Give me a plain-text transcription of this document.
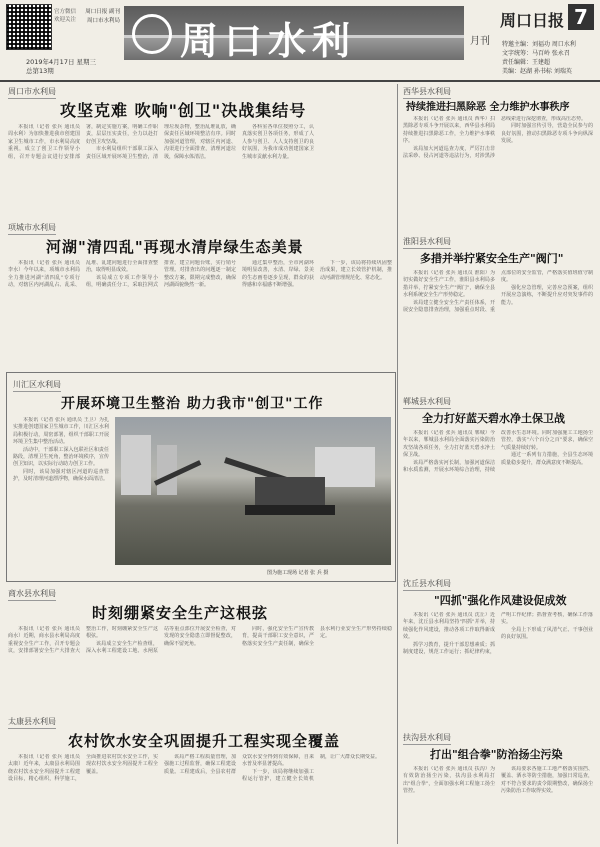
官方微信
欢迎关注
周口日报 副刊
周口市水利局
2019年4月17日 星期三
总第13期
周口水利	月刊
周口日报 7
特邀主编：刘福功 周口水利
文字统筹：马百岭 张永召
责任编辑：王建超
美编：赵湖 孙书标 刘瑞英
周口市水利局
攻坚克难 吹响"创卫"决战集结号

本报讯（记者 张兵 通讯员 周水利）为加快推进我市创建国家卫生城市工作，市水利局高度重视，成立了创卫工作领导小组，召开专题会议进行安排部署，制定实施方案，明确工作职责，层层压实责任，全力以赴打好创卫攻坚战。

市水利局组织干部职工深入责任区域开展环境卫生整治，清理垃圾杂物，整治乱堆乱放，确保责任区域环境整洁有序。同时加强河道管理，对辖区内河道、沟渠进行全面排查，清理河道垃圾，保障水体清洁。

各科室各单位按照分工，认真落实创卫各项任务，形成了人人参与创卫、人人支持创卫的良好氛围，为我市成功创建国家卫生城市贡献水利力量。

项城市水利局
河湖"清四乱"再现水清岸绿生态美景

本报讯（记者 张兵 通讯员 李水）今年以来，项城市水利局全力推进河湖"清四乱"专项行动，对辖区内河湖乱占、乱采、乱堆、乱建问题进行全面排查整治，取得明显成效。

该局成立专项工作领导小组，明确责任分工，采取拉网式排查，建立问题台账，实行销号管理。对排查出的问题逐一制定整改方案，限期完成整改，确保河湖面貌焕然一新。

通过集中整治，全市河湖环境明显改善，水清、岸绿、景美的生态画卷逐步呈现，群众的获得感和幸福感不断增强。

下一步，该局将持续巩固整治成果，建立长效管护机制，推动河湖管理规范化、常态化。

川汇区水利局
开展环境卫生整治 助力我市"创卫"工作

本报讯（记者 张兵 通讯员 王卫）为扎实推进创建国家卫生城市工作，川汇区水利局积极行动，周密部署，组织干部职工开展环境卫生集中整治活动。

活动中，干部职工深入包联社区和责任路段，清理卫生死角，整治环境秩序，宣传创卫知识，以实际行动助力创卫工作。

同时，该局加强对辖区河道的巡查管护，及时清理河道漂浮物，确保水面清洁。

图为施工现场 记者 张 兵 摄
商水县水利局
时刻绷紧安全生产这根弦

本报讯（记者 张兵 通讯员 商水）近期，商水县水利局高度重视安全生产工作，召开专题会议，安排部署安全生产大排查大整治工作，时刻绷紧安全生产这根弦。

该局成立安全生产检查组，深入水利工程建设工地、水闸泵站等重点部位开展安全检查，对发现的安全隐患立即督促整改，确保不留死角。

同时，强化安全生产宣传教育，提高干部职工安全意识，严格落实安全生产责任制，确保全县水利行业安全生产形势持续稳定。

太康县水利局
农村饮水安全巩固提升工程实现全覆盖

本报讯（记者 张兵 通讯员 太康）近年来，太康县水利局围绕农村饮水安全巩固提升工程建设目标，精心组织，科学施工，全面推进农村饮水安全工作，实现农村饮水安全巩固提升工程全覆盖。

该局严格工程质量管理，加强施工过程监督，确保工程建设质量。工程建成后，全县农村群众饮水安全得到有效保障，自来水普及率显著提高。

下一步，该局将继续加强工程运行管护，建立健全长效机制，让广大群众长期受益。

西华县水利局
持续推进扫黑除恶 全力维护水事秩序

本报讯（记者 张兵 通讯员 西华）扫黑除恶专项斗争开展以来，西华县水利局持续推进扫黑除恶工作，全力维护水事秩序。

该局加大河道巡查力度，严厉打击非法采砂、侵占河道等违法行为，对涉黑涉恶线索进行深挖彻查，形成高压态势。

同时加强宣传引导，营造全民参与的良好氛围，推动扫黑除恶专项斗争向纵深发展。

淮阳县水利局
多措并举拧紧安全生产"阀门"

本报讯（记者 张兵 通讯员 淮阳）为切实做好安全生产工作，淮阳县水利局多措并举，拧紧安全生产"阀门"，确保全县水利系统安全生产形势稳定。

该局建立健全安全生产责任体系，开展安全隐患排查治理，加强重点时段、重点部位的安全监管，严格落实值班值守制度。

强化应急管理，完善应急预案，组织开展应急演练，不断提升应对突发事件的能力。

郸城县水利局
全力打好蓝天碧水净土保卫战

本报讯（记者 张兵 通讯员 郸城）今年以来，郸城县水利局全面落实污染防治攻坚战各项任务，全力打好蓝天碧水净土保卫战。

该局严格落实河长制，加强河道保洁和水质监测，开展水环境综合治理，持续改善水生态环境。同时加强施工工地扬尘管控，落实"六个百分之百"要求，确保空气质量持续好转。

通过一系列有力措施，全县生态环境质量稳步提升，群众满意度不断提高。

沈丘县水利局
"四抓"强化作风建设促成效

本报讯（记者 张兵 通讯员 沈丘）近年来，沈丘县水利局坚持"四抓"并举，持续强化作风建设，推动各项工作取得新成效。

抓学习教育，提升干部思想素质；抓制度建设，规范工作运行；抓纪律约束，严明工作纪律；抓督查考核，确保工作落实。

全局上下形成了风清气正、干事创业的良好氛围。

扶沟县水利局
打出"组合拳"防治扬尘污染

本报讯（记者 张兵 通讯员 扶沟）为有效防治扬尘污染，扶沟县水利局打出"组合拳"，全面加强水利工程施工扬尘管控。

该局要求各施工工地严格落实围挡、覆盖、洒水等防尘措施，加强日常巡查，对不符合要求的责令限期整改，确保扬尘污染防治工作取得实效。
